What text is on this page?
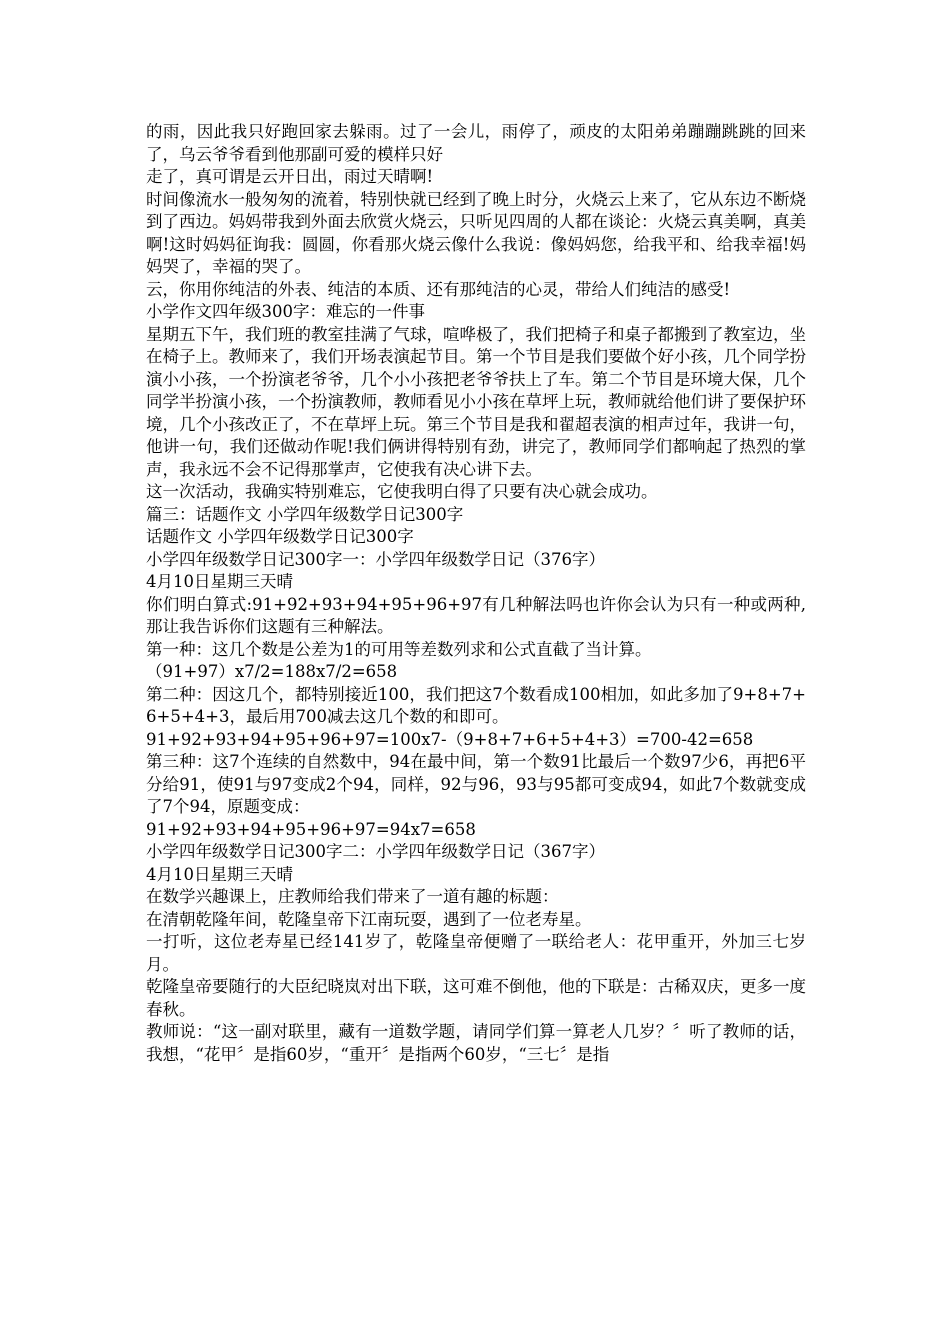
的雨，因此我只好跑回家去躲雨。过了一会儿，雨停了，顽皮的太阳弟弟蹦蹦跳跳的回来了，乌云爷爷看到他那副可爱的模样只好

走了，真可谓是云开日出，雨过天晴啊!

时间像流水一般匆匆的流着，特别快就已经到了晚上时分，火烧云上来了，它从东边不断烧到了西边。妈妈带我到外面去欣赏火烧云，只听见四周的人都在谈论：火烧云真美啊，真美啊!这时妈妈征询我：圆圆，你看那火烧云像什么我说：像妈妈您，给我平和、给我幸福!妈妈哭了，幸福的哭了。

云，你用你纯洁的外表、纯洁的本质、还有那纯洁的心灵，带给人们纯洁的感受!

小学作文四年级300字：难忘的一件事

星期五下午，我们班的教室挂满了气球，喧哗极了，我们把椅子和桌子都搬到了教室边，坐在椅子上。教师来了，我们开场表演起节目。第一个节目是我们要做个好小孩，几个同学扮演小小孩，一个扮演老爷爷，几个小小孩把老爷爷扶上了车。第二个节目是环境大保，几个同学半扮演小孩，一个扮演教师，教师看见小小孩在草坪上玩，教师就给他们讲了要保护环境，几个小孩改正了，不在草坪上玩。第三个节目是我和翟超表演的相声过年，我讲一句，他讲一句，我们还做动作呢!我们俩讲得特别有劲，讲完了，教师同学们都响起了热烈的掌声，我永远不会不记得那掌声，它使我有决心讲下去。

这一次活动，我确实特别难忘，它使我明白得了只要有决心就会成功。

篇三：话题作文 小学四年级数学日记300字

话题作文 小学四年级数学日记300字

小学四年级数学日记300字一：小学四年级数学日记（376字）

4月10日星期三天晴

你们明白算式:91+92+93+94+95+96+97有几种解法吗也许你会认为只有一种或两种,那让我告诉你们这题有三种解法。

第一种：这几个数是公差为1的可用等差数列求和公式直截了当计算。

（91+97）x7/2=188x7/2=658

第二种：因这几个，都特别接近100，我们把这7个数看成100相加，如此多加了9+8+7+6+5+4+3，最后用700减去这几个数的和即可。

91+92+93+94+95+96+97=100x7-（9+8+7+6+5+4+3）=700-42=658

第三种：这7个连续的自然数中，94在最中间，第一个数91比最后一个数97少6，再把6平分给91，使91与97变成2个94，同样，92与96，93与95都可变成94，如此7个数就变成了7个94，原题变成：

91+92+93+94+95+96+97=94x7=658

小学四年级数学日记300字二：小学四年级数学日记（367字）

4月10日星期三天晴

在数学兴趣课上，庄教师给我们带来了一道有趣的标题：

在清朝乾隆年间，乾隆皇帝下江南玩耍，遇到了一位老寿星。

一打听，这位老寿星已经141岁了，乾隆皇帝便赠了一联给老人：花甲重开，外加三七岁月。

乾隆皇帝要随行的大臣纪晓岚对出下联，这可难不倒他，他的下联是：古稀双庆，更多一度春秋。

教师说：“这一副对联里，藏有一道数学题，请同学们算一算老人几岁？〞听了教师的话，我想，“花甲〞是指60岁，“重开〞是指两个60岁，“三七〞是指
